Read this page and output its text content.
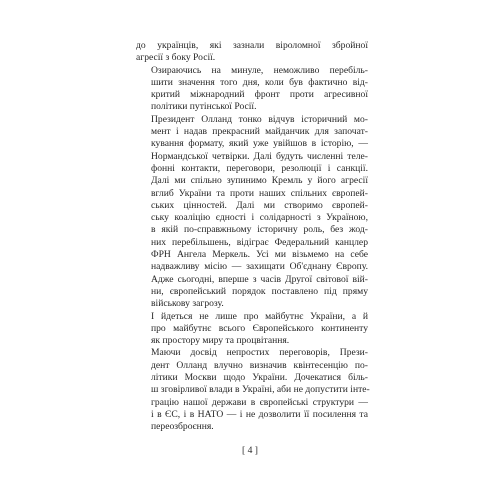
до українців, які зазнали віроломної збройної
агресії з боку Росії.

Озираючись на минуле, неможливо перебіль-
шити значення того дня, коли був фактично від-
критий міжнародний фронт проти агресивної
політики путінської Росії.

Президент Олланд тонко відчув історичний мо-
мент і надав прекрасний майданчик для започат-
кування формату, який уже увійшов в історію, —
Нормандської четвірки. Далі будуть численні теле-
фонні контакти, переговори, резолюції і санкції.
Далі ми спільно зупинимо Кремль у його агресії
вглиб України та проти наших спільних європей-
ських цінностей. Далі ми створимо європей-
ську коаліцію єдності і солідарності з Україною,
в якій по-справжньому історичну роль, без жод-
них перебільшень, відіграє Федеральний канцлер
ФРН Ангела Меркель. Усі ми візьмемо на себе
надважливу місію — захищати Об'єднану Європу.
Адже сьогодні, вперше з часів Другої світової вій-
ни, європейський порядок поставлено під пряму
військову загрозу.

І йдеться не лише про майбутнє України, а й
про майбутнє всього Європейського континенту
як простору миру та процвітання.

Маючи досвід непростих переговорів, Прези-
дент Олланд влучно визначив квінтесенцію по-
літики Москви щодо України. Дочекатися біль-
ш зговірливої влади в Україні, аби не допустити інте-
грацію нашої держави в європейські структури —
і в ЄС, і в НАТО — і не дозволити її посилення та
переозброєння.

[ 4 ]
